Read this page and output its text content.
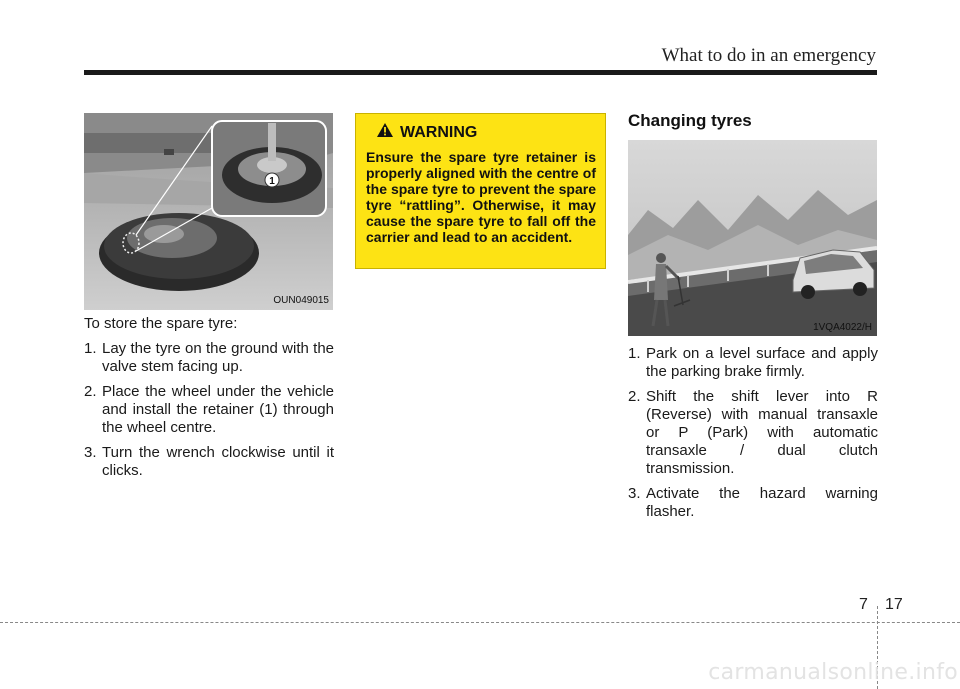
What to do in an emergency
1
OUN049015

To store the spare tyre:

1. Lay the tyre on the ground with the valve stem facing up.
2. Place the wheel under the vehicle and install the retainer (1) through the wheel centre.
3. Turn the wrench clockwise until it clicks.
WARNING
Ensure the spare tyre retainer is properly aligned with the centre of the spare tyre to prevent the spare tyre “rattling”. Otherwise, it may cause the spare tyre to fall off the carrier and lead to an accident.
Changing tyres
1VQA4022/H
1. Park on a level surface and apply the parking brake firmly.
2. Shift the shift lever into R (Reverse) with manual transaxle or P (Park) with automatic transaxle / dual clutch transmission.
3. Activate the hazard warning flasher.
7 17
carmanualsonline.info
